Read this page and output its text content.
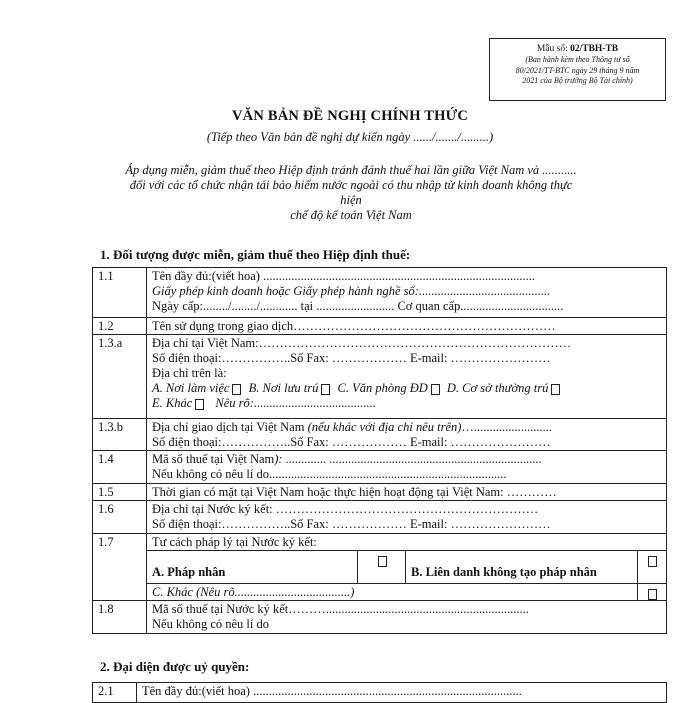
Mẫu số: 02/TBH-TB
(Ban hành kèm theo Thông tư số
80/2021/TT-BTC ngày 29 tháng 9 năm
2021 của Bộ trưởng Bộ Tài chính)
VĂN BẢN ĐỀ NGHỊ CHÍNH THỨC
(Tiếp theo Văn bản đề nghị dự kiến ngày ....../......./.........)
Áp dụng miễn, giảm thuế theo Hiệp định tránh đánh thuế hai lần giữa Việt Nam và ...........
đối với các tổ chức nhận tái bảo hiểm nước ngoài có thu nhập từ kinh doanh không thực hiện
chế độ kế toán Việt Nam
1. Đối tượng được miễn, giảm thuế theo Hiệp định thuế:
1.1	Tên đầy đủ:(viết hoa) .......................................................................................
Giấy phép kinh doanh hoặc Giấy phép hành nghề số:..........................................
Ngày cấp:......../......../............ tại ......................... Cơ quan cấp.................................			

1.2	Tên sử dụng trong giao dịch………………………………………………………			

1.3.a	Địa chỉ tại Việt Nam:…………………………………………………………………
Số điện thoại:……………..Số Fax: ……………… E-mail: ……………………
Địa chỉ trên là:
A. Nơi làm việc B. Nơi lưu trú C. Văn phòng ĐD D. Cơ sở thường trú
E. Khác Nêu rõ:.......................................			

1.3.b	Địa chỉ giao dịch tại Việt Nam (nếu khác với địa chỉ nêu trên)….........................
Số điện thoại:……………..Số Fax: ……………… E-mail: ……………………			

1.4	Mã số thuế tại Việt Nam): ............. ....................................................................
Nếu không có nêu lí do............................................................................			

1.5	Thời gian có mặt tại Việt Nam hoặc thực hiện hoạt động tại Việt Nam: …………			

1.6	Địa chỉ tại Nước ký kết: ………………………………………………………
Số điện thoại:……………..Số Fax: ……………… E-mail: ……………………			

1.7	Tư cách pháp lý tại Nước ký kết:			

	A. Pháp nhân		B. Liên danh không tạo pháp nhân	
	C. Khác (Nêu rõ.....................................)			
1.8	Mã số thuế tại Nước ký kết……….................................................................
Nếu không có nêu lí do			
2. Đại diện được uỷ quyền:
2.1	Tên đầy đủ:(viết hoa) ......................................................................................
